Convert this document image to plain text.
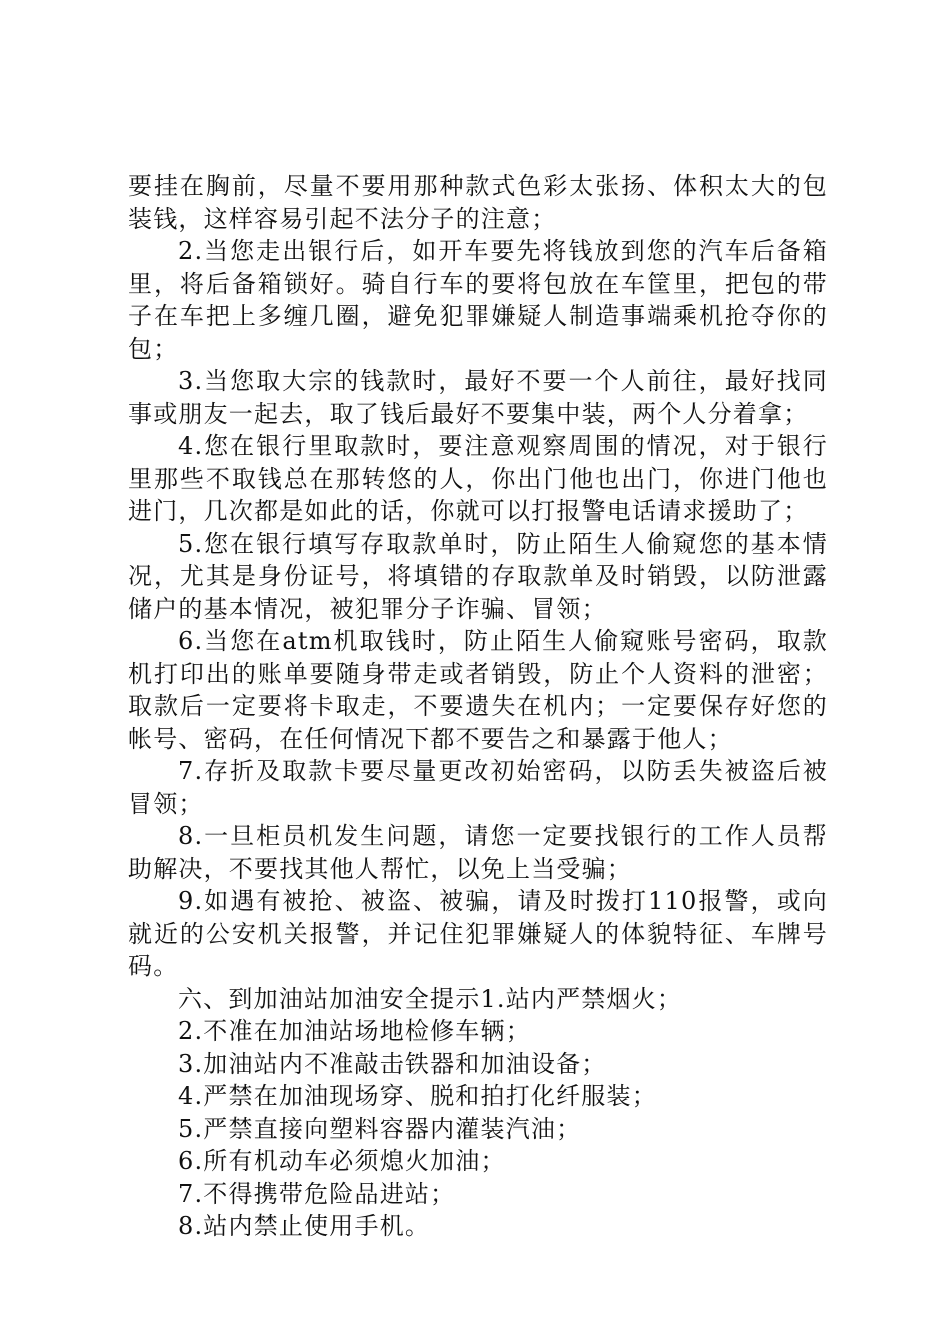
要挂在胸前，尽量不要用那种款式色彩太张扬、体积太大的包装钱，这样容易引起不法分子的注意；

2.当您走出银行后，如开车要先将钱放到您的汽车后备箱里，将后备箱锁好。骑自行车的要将包放在车筐里，把包的带子在车把上多缠几圈，避免犯罪嫌疑人制造事端乘机抢夺你的包；

3.当您取大宗的钱款时，最好不要一个人前往，最好找同事或朋友一起去，取了钱后最好不要集中装，两个人分着拿；

4.您在银行里取款时，要注意观察周围的情况，对于银行里那些不取钱总在那转悠的人，你出门他也出门，你进门他也进门，几次都是如此的话，你就可以打报警电话请求援助了；

5.您在银行填写存取款单时，防止陌生人偷窥您的基本情况，尤其是身份证号，将填错的存取款单及时销毁，以防泄露储户的基本情况，被犯罪分子诈骗、冒领；

6.当您在atm机取钱时，防止陌生人偷窥账号密码，取款机打印出的账单要随身带走或者销毁，防止个人资料的泄密；取款后一定要将卡取走，不要遗失在机内；一定要保存好您的帐号、密码，在任何情况下都不要告之和暴露于他人；

7.存折及取款卡要尽量更改初始密码，以防丢失被盗后被冒领；

8.一旦柜员机发生问题，请您一定要找银行的工作人员帮助解决，不要找其他人帮忙，以免上当受骗；

9.如遇有被抢、被盗、被骗，请及时拨打110报警，或向就近的公安机关报警，并记住犯罪嫌疑人的体貌特征、车牌号码。

六、到加油站加油安全提示1.站内严禁烟火；

2.不准在加油站场地检修车辆；

3.加油站内不准敲击铁器和加油设备；

4.严禁在加油现场穿、脱和拍打化纤服装；

5.严禁直接向塑料容器内灌装汽油；

6.所有机动车必须熄火加油；

7.不得携带危险品进站；

8.站内禁止使用手机。
